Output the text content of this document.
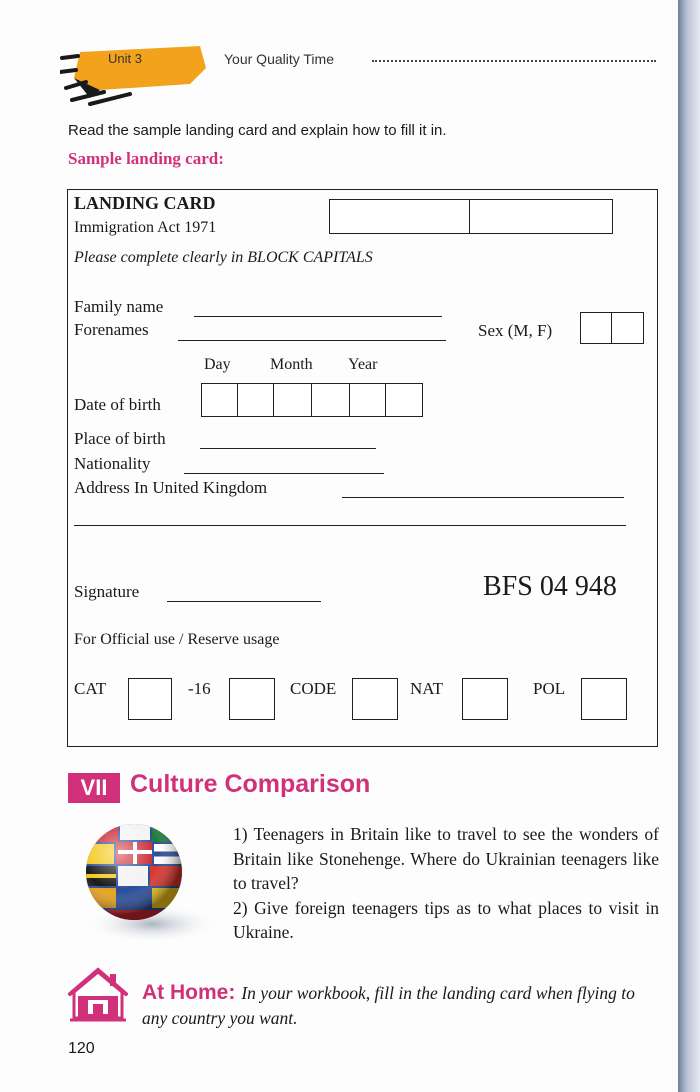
Unit 3	Your Quality Time
Read the sample landing card and explain how to fill it in.
Sample landing card:
LANDING CARD
Immigration Act 1971
Please complete clearly in BLOCK CAPITALS
Family name
Forenames	Sex (M, F)
Day Month Year
Date of birth
Place of birth
Nationality
Address In United Kingdom
Signature	BFS 04 948
For Official use / Reserve usage
CAT	-16	CODE	NAT	POL
VII Culture Comparison

1) Teenagers in Britain like to travel to see the wonders of Britain like Stonehenge. Where do Ukrainian teenagers like to travel?

2) Give foreign teenagers tips as to what places to visit in Ukraine.

At Home: In your workbook, fill in the landing card when flying to any country you want.
120
